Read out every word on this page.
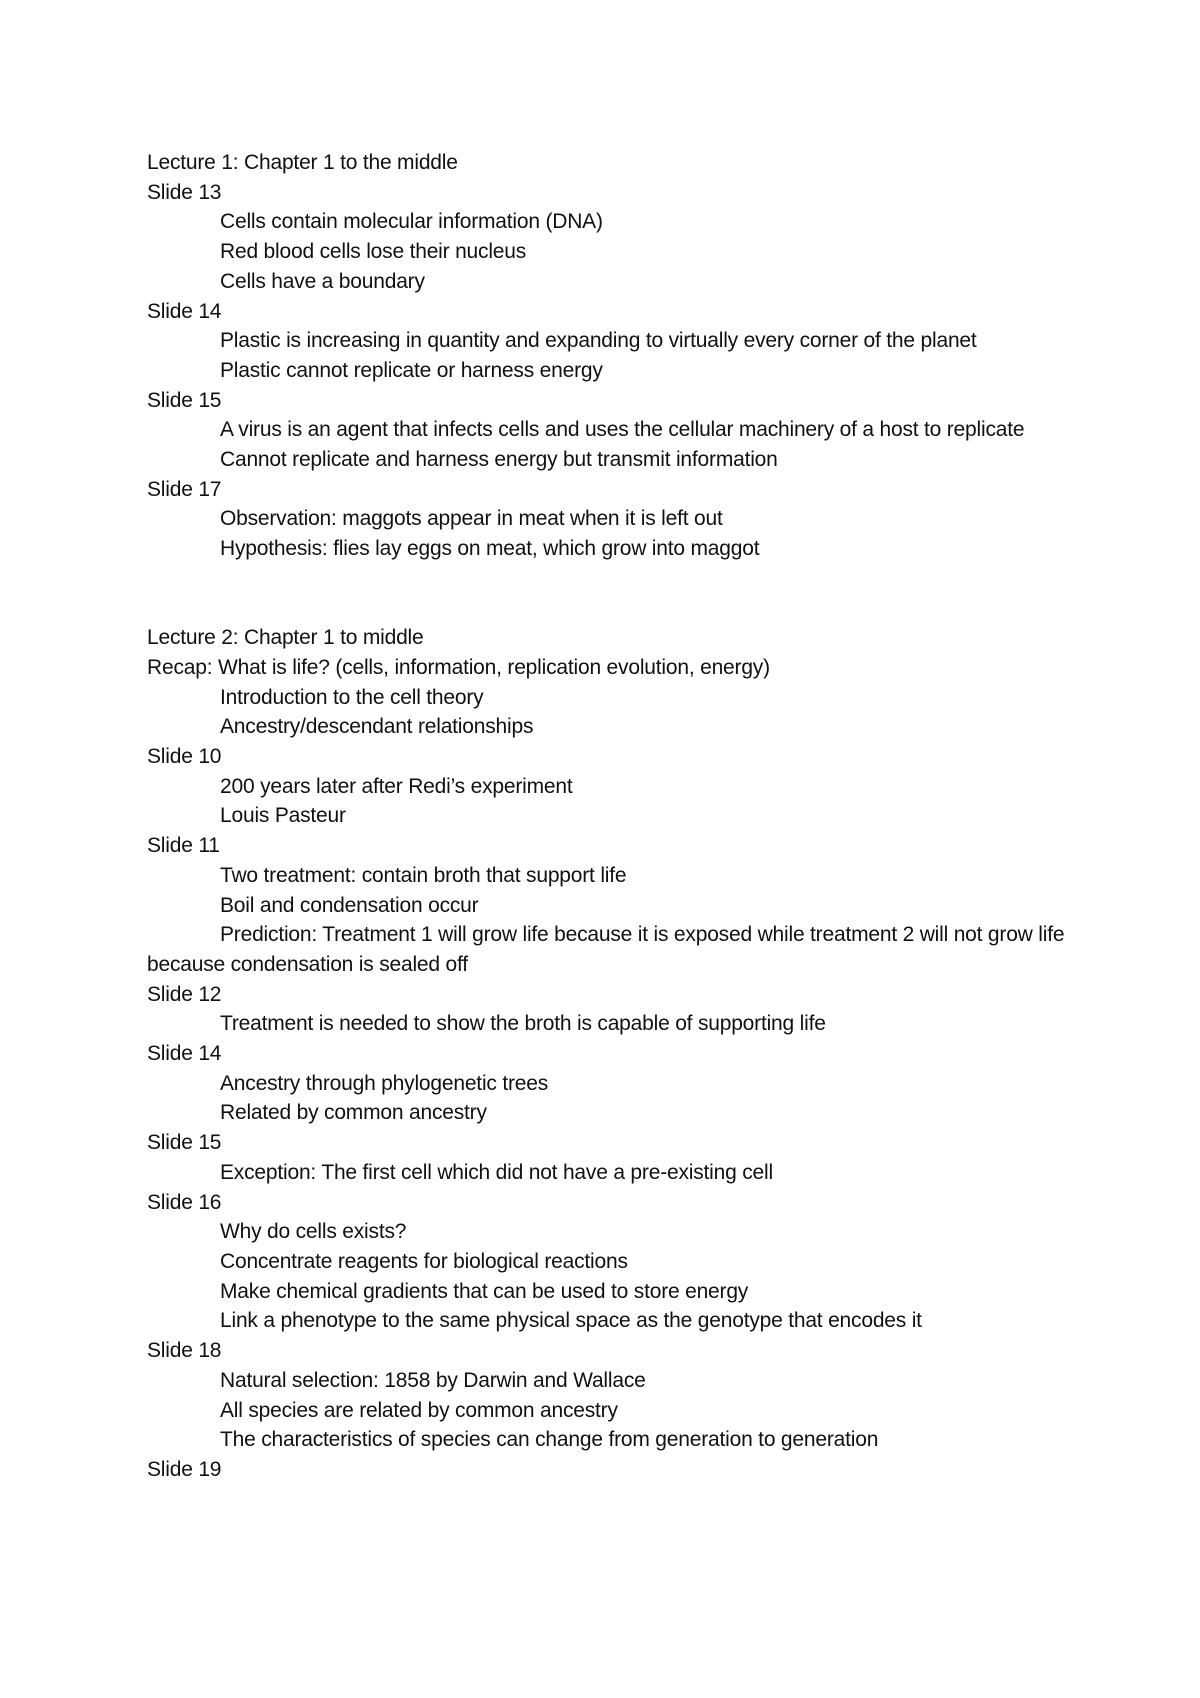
Lecture 1: Chapter 1 to the middle
Slide 13
Cells contain molecular information (DNA)
Red blood cells lose their nucleus
Cells have a boundary
Slide 14
Plastic is increasing in quantity and expanding to virtually every corner of the planet
Plastic cannot replicate or harness energy
Slide 15
A virus is an agent that infects cells and uses the cellular machinery of a host to replicate
Cannot replicate and harness energy but transmit information
Slide 17
Observation: maggots appear in meat when it is left out
Hypothesis: flies lay eggs on meat, which grow into maggot
Lecture 2: Chapter 1 to middle
Recap: What is life? (cells, information, replication evolution, energy)
Introduction to the cell theory
Ancestry/descendant relationships
Slide 10
200 years later after Redi’s experiment
Louis Pasteur
Slide 11
Two treatment: contain broth that support life
Boil and condensation occur
Prediction: Treatment 1 will grow life because it is exposed while treatment 2 will not grow life because condensation is sealed off
Slide 12
Treatment is needed to show the broth is capable of supporting life
Slide 14
Ancestry through phylogenetic trees
Related by common ancestry
Slide 15
Exception: The first cell which did not have a pre-existing cell
Slide 16
Why do cells exists?
Concentrate reagents for biological reactions
Make chemical gradients that can be used to store energy
Link a phenotype to the same physical space as the genotype that encodes it
Slide 18
Natural selection: 1858 by Darwin and Wallace
All species are related by common ancestry
The characteristics of species can change from generation to generation
Slide 19
